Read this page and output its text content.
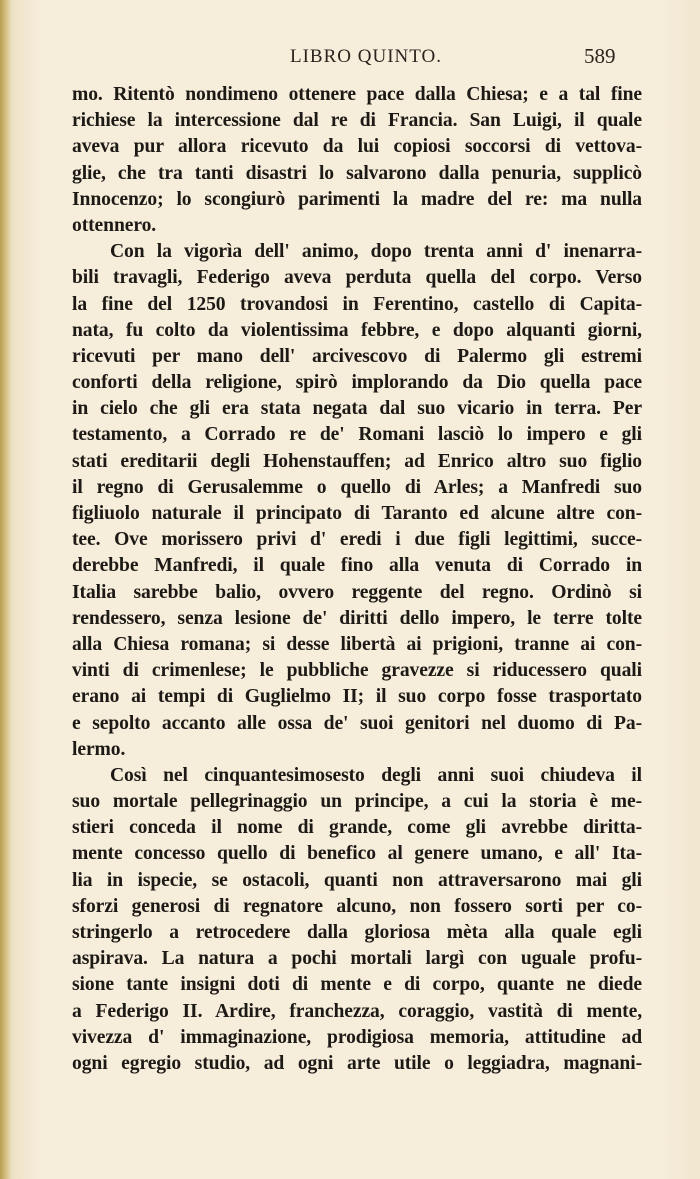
LIBRO QUINTO.	589
mo. Ritentò nondimeno ottenere pace dalla Chiesa; e a tal fine
richiese la intercessione dal re di Francia. San Luigi, il quale
aveva pur allora ricevuto da lui copiosi soccorsi di vettova-
glie, che tra tanti disastri lo salvarono dalla penuria, supplicò
Innocenzo; lo scongiurò parimenti la madre del re: ma nulla
ottennero.
Con la vigorìa dell' animo, dopo trenta anni d' inenarra-
bili travagli, Federigo aveva perduta quella del corpo. Verso
la fine del 1250 trovandosi in Ferentino, castello di Capita-
nata, fu colto da violentissima febbre, e dopo alquanti giorni,
ricevuti per mano dell' arcivescovo di Palermo gli estremi
conforti della religione, spirò implorando da Dio quella pace
in cielo che gli era stata negata dal suo vicario in terra. Per
testamento, a Corrado re de' Romani lasciò lo impero e gli
stati ereditarii degli Hohenstauffen; ad Enrico altro suo figlio
il regno di Gerusalemme o quello di Arles; a Manfredi suo
figliuolo naturale il principato di Taranto ed alcune altre con-
tee. Ove morissero privi d' eredi i due figli legittimi, succe-
derebbe Manfredi, il quale fino alla venuta di Corrado in
Italia sarebbe balio, ovvero reggente del regno. Ordinò si
rendessero, senza lesione de' diritti dello impero, le terre tolte
alla Chiesa romana; si desse libertà ai prigioni, tranne ai con-
vinti di crimenlese; le pubbliche gravezze si riducessero quali
erano ai tempi di Guglielmo II; il suo corpo fosse trasportato
e sepolto accanto alle ossa de' suoi genitori nel duomo di Pa-
lermo.
Così nel cinquantesimosesto degli anni suoi chiudeva il
suo mortale pellegrinaggio un principe, a cui la storia è me-
stieri conceda il nome di grande, come gli avrebbe diritta-
mente concesso quello di benefico al genere umano, e all' Ita-
lia in ispecie, se ostacoli, quanti non attraversarono mai gli
sforzi generosi di regnatore alcuno, non fossero sorti per co-
stringerlo a retrocedere dalla gloriosa mèta alla quale egli
aspirava. La natura a pochi mortali largì con uguale profu-
sione tante insigni doti di mente e di corpo, quante ne diede
a Federigo II. Ardire, franchezza, coraggio, vastità di mente,
vivezza d' immaginazione, prodigiosa memoria, attitudine ad
ogni egregio studio, ad ogni arte utile o leggiadra, magnani-
